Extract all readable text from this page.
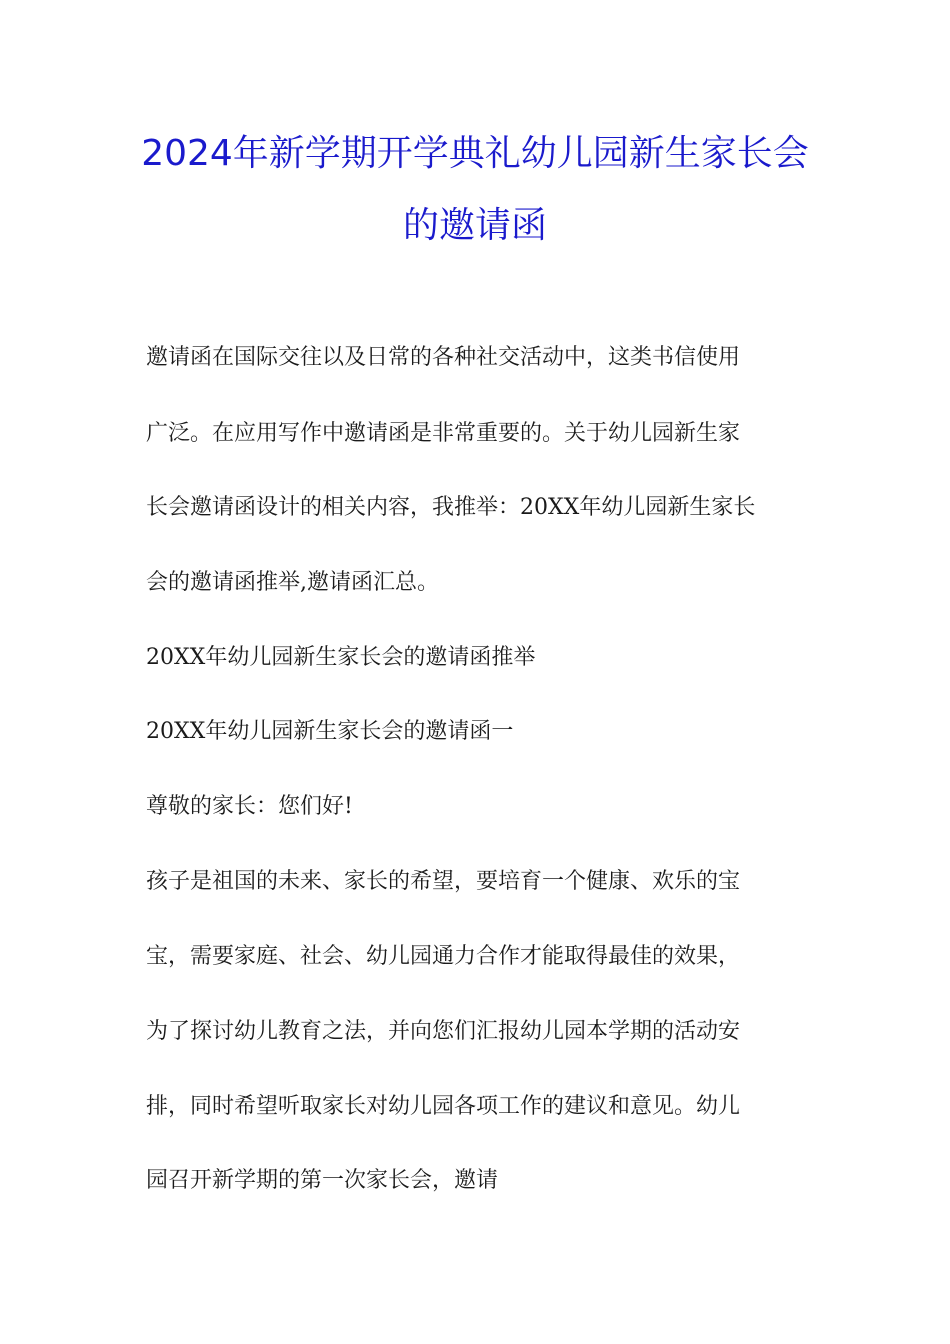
2024年新学期开学典礼幼儿园新生家长会
的邀请函
邀请函在国际交往以及日常的各种社交活动中，这类书信使用
广泛。在应用写作中邀请函是非常重要的。关于幼儿园新生家
长会邀请函设计的相关内容，我推举：20XX年幼儿园新生家长
会的邀请函推举,邀请函汇总。
20XX年幼儿园新生家长会的邀请函推举
20XX年幼儿园新生家长会的邀请函一
尊敬的家长：您们好!
孩子是祖国的未来、家长的希望，要培育一个健康、欢乐的宝
宝，需要家庭、社会、幼儿园通力合作才能取得最佳的效果，
为了探讨幼儿教育之法，并向您们汇报幼儿园本学期的活动安
排，同时希望听取家长对幼儿园各项工作的建议和意见。幼儿
园召开新学期的第一次家长会，邀请
